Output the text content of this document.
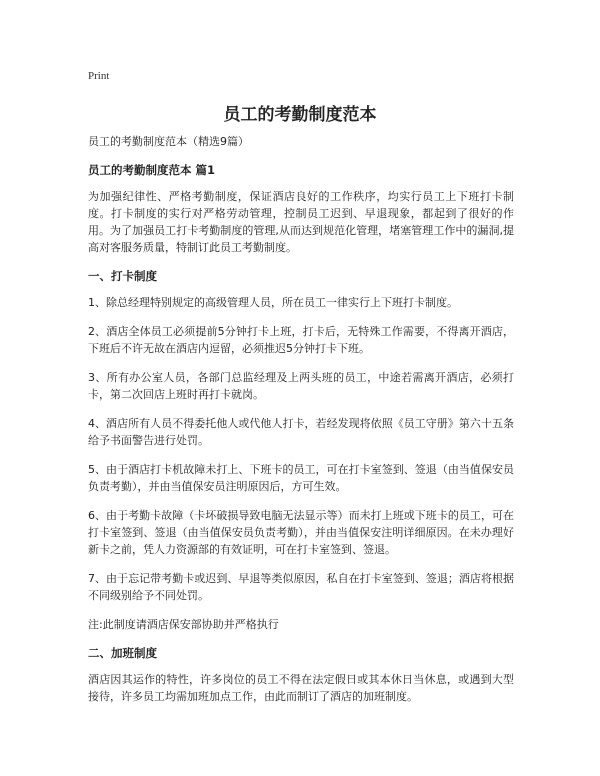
Print
员工的考勤制度范本

员工的考勤制度范本（精选9篇）

员工的考勤制度范本 篇1

为加强纪律性、严格考勤制度，保证酒店良好的工作秩序，均实行员工上下班打卡制度。打卡制度的实行对严格劳动管理，控制员工迟到、早退现象，都起到了很好的作用。为了加强员工打卡考勤制度的管理,从而达到规范化管理，堵塞管理工作中的漏洞,提高对客服务质量，特制订此员工考勤制度。

一、打卡制度

1、除总经理特别规定的高级管理人员，所在员工一律实行上下班打卡制度。

2、酒店全体员工必须提前5分钟打卡上班，打卡后，无特殊工作需要，不得离开酒店，下班后不许无故在酒店内逗留，必须推迟5分钟打卡下班。

3、所有办公室人员，各部门总监经理及上两头班的员工，中途若需离开酒店，必须打卡，第二次回店上班时再打卡就岗。

4、酒店所有人员不得委托他人或代他人打卡，若经发现将依照《员工守册》第六十五条给予书面警告进行处罚。

5、由于酒店打卡机故障未打上、下班卡的员工，可在打卡室签到、签退（由当值保安员负责考勤），并由当值保安员注明原因后，方可生效。

6、由于考勤卡故障（卡坏破损导致电脑无法显示等）而未打上班或下班卡的员工，可在打卡室签到、签退（由当值保安员负责考勤），并由当值保安注明详细原因。在未办理好新卡之前，凭人力资源部的有效证明，可在打卡室签到、签退。

7、由于忘记带考勤卡或迟到、早退等类似原因，私自在打卡室签到、签退；酒店将根据不同级别给予不同处罚。

注:此制度请酒店保安部协助并严格执行

二、加班制度

酒店因其运作的特性，许多岗位的员工不得在法定假日或其本休日当休息，或遇到大型接待，许多员工均需加班加点工作，由此而制订了酒店的加班制度。
